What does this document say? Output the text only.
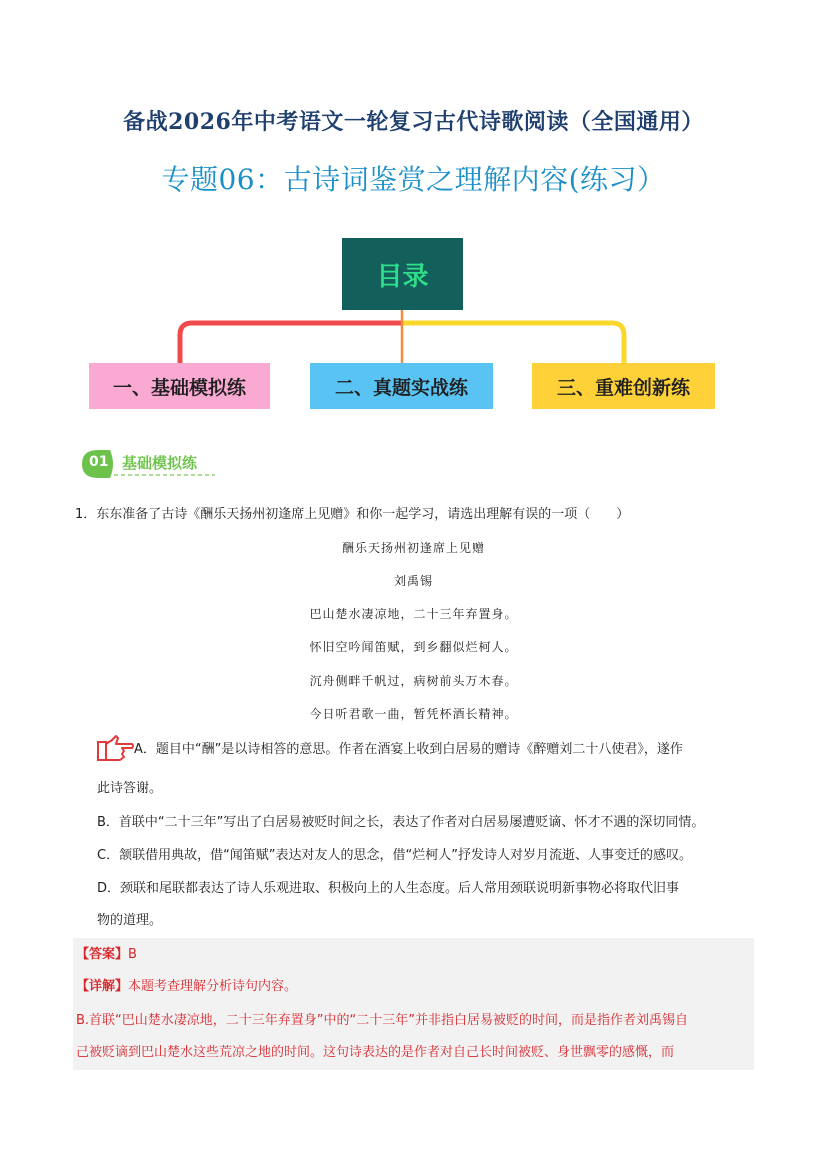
备战2026年中考语文一轮复习古代诗歌阅读（全国通用）
专题06：古诗词鉴赏之理解内容(练习）
目录
一、基础模拟练	二、真题实战练	三、重难创新练
01 基础模拟练
1．东东准备了古诗《酬乐天扬州初逢席上见赠》和你一起学习，请选出理解有误的一项（　　）
酬乐天扬州初逢席上见赠
刘禹锡
巴山楚水凄凉地，二十三年弃置身。
怀旧空吟闻笛赋，到乡翻似烂柯人。
沉舟侧畔千帆过，病树前头万木春。
今日听君歌一曲，暂凭杯酒长精神。
A．题目中“酬”是以诗相答的意思。作者在酒宴上收到白居易的赠诗《醉赠刘二十八使君》，遂作
此诗答谢。
B．首联中“二十三年”写出了白居易被贬时间之长，表达了作者对白居易屡遭贬谪、怀才不遇的深切同情。
C．颔联借用典故，借“闻笛赋”表达对友人的思念，借“烂柯人”抒发诗人对岁月流逝、人事变迁的感叹。
D．颈联和尾联都表达了诗人乐观进取、积极向上的人生态度。后人常用颈联说明新事物必将取代旧事
物的道理。
【答案】B
【详解】本题考查理解分析诗句内容。
B.首联“巴山楚水凄凉地，二十三年弃置身”中的“二十三年”并非指白居易被贬的时间，而是指作者刘禹锡自
己被贬谪到巴山楚水这些荒凉之地的时间。这句诗表达的是作者对自己长时间被贬、身世飘零的感慨，而
